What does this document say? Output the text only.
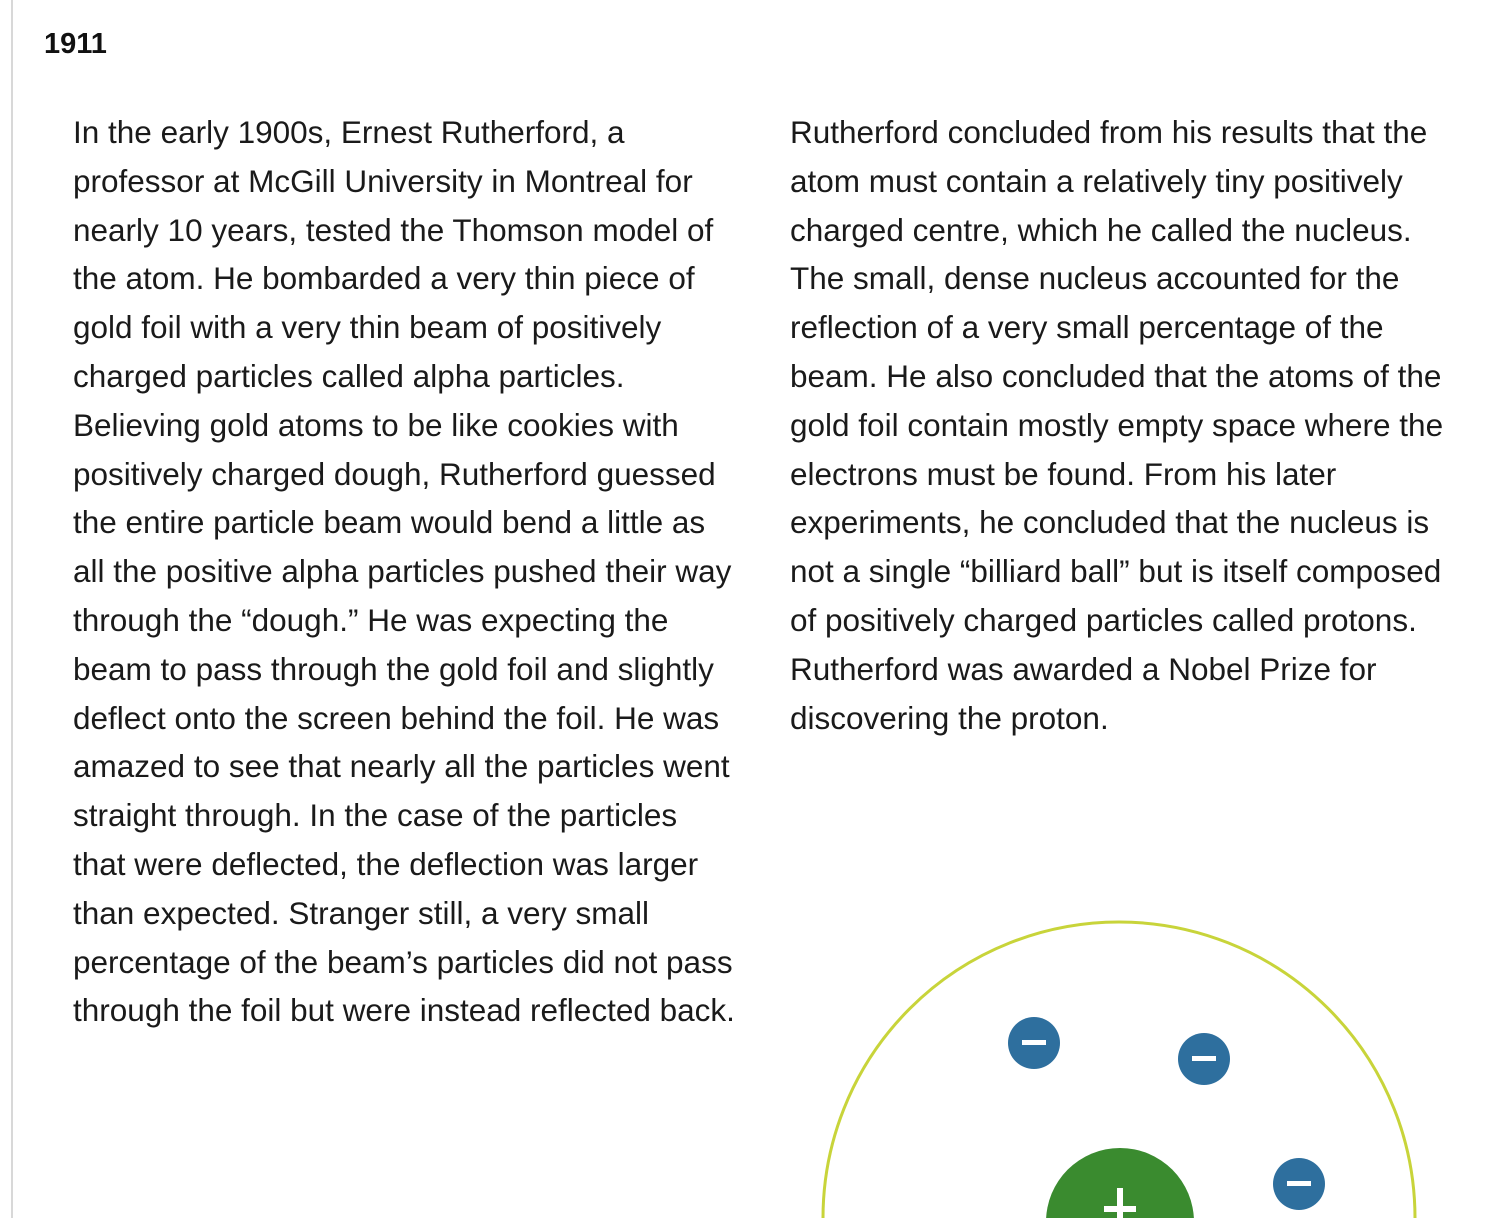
1911

In the early 1900s, Ernest Rutherford, a professor at McGill University in Montreal for nearly 10 years, tested the Thomson model of the atom. He bombarded a very thin piece of gold foil with a very thin beam of positively charged particles called alpha particles. Believing gold atoms to be like cookies with positively charged dough, Rutherford guessed the entire particle beam would bend a little as all the positive alpha particles pushed their way through the “dough.” He was expecting the beam to pass through the gold foil and slightly deflect onto the screen behind the foil. He was amazed to see that nearly all the particles went straight through. In the case of the particles that were deflected, the deflection was larger than expected. Stranger still, a very small percentage of the beam’s particles did not pass through the foil but were instead reflected back.

Rutherford concluded from his results that the atom must contain a relatively tiny positively charged centre, which he called the nucleus. The small, dense nucleus accounted for the reflection of a very small percentage of the beam. He also concluded that the atoms of the gold foil contain mostly empty space where the electrons must be found. From his later experiments, he concluded that the nucleus is not a single “billiard ball” but is itself composed of positively charged particles called protons. Rutherford was awarded a Nobel Prize for discovering the proton.
